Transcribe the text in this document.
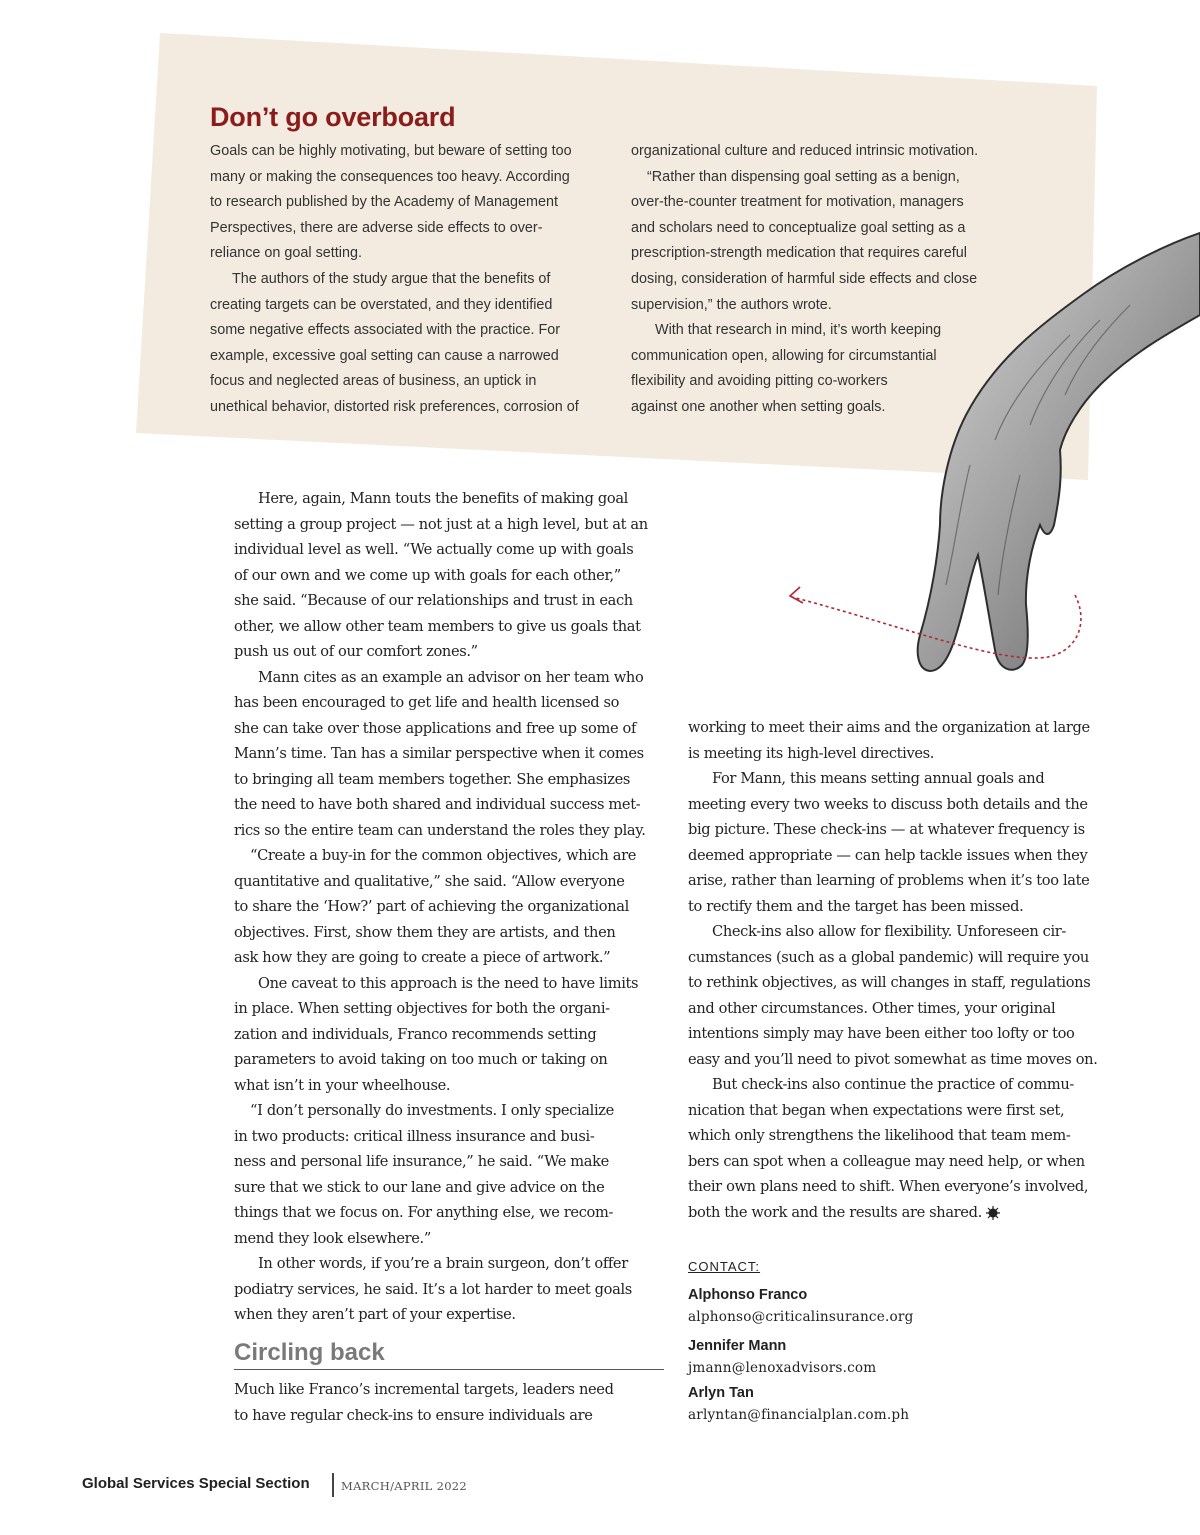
Don’t go overboard

Goals can be highly motivating, but beware of setting too
many or making the consequences too heavy. According
to research published by the Academy of Management
Perspectives, there are adverse side effects to over-
reliance on goal setting.

The authors of the study argue that the benefits of
creating targets can be overstated, and they identified
some negative effects associated with the practice. For
example, excessive goal setting can cause a narrowed
focus and neglected areas of business, an uptick in
unethical behavior, distorted risk preferences, corrosion of

organizational culture and reduced intrinsic motivation.

“Rather than dispensing goal setting as a benign,
over-the-counter treatment for motivation, managers
and scholars need to conceptualize goal setting as a
prescription-strength medication that requires careful
dosing, consideration of harmful side effects and close
supervision,” the authors wrote.

With that research in mind, it’s worth keeping
communication open, allowing for circumstantial
flexibility and avoiding pitting co-workers
against one another when setting goals.

Here, again, Mann touts the benefits of making goal
setting a group project — not just at a high level, but at an
individual level as well. “We actually come up with goals
of our own and we come up with goals for each other,”
she said. “Because of our relationships and trust in each
other, we allow other team members to give us goals that
push us out of our comfort zones.”

Mann cites as an example an advisor on her team who
has been encouraged to get life and health licensed so
she can take over those applications and free up some of
Mann’s time. Tan has a similar perspective when it comes
to bringing all team members together. She emphasizes
the need to have both shared and individual success met-
rics so the entire team can understand the roles they play.

“Create a buy-in for the common objectives, which are
quantitative and qualitative,” she said. “Allow everyone
to share the ‘How?’ part of achieving the organizational
objectives. First, show them they are artists, and then
ask how they are going to create a piece of artwork.”

One caveat to this approach is the need to have limits
in place. When setting objectives for both the organi-
zation and individuals, Franco recommends setting
parameters to avoid taking on too much or taking on
what isn’t in your wheelhouse.

“I don’t personally do investments. I only specialize
in two products: critical illness insurance and busi-
ness and personal life insurance,” he said. “We make
sure that we stick to our lane and give advice on the
things that we focus on. For anything else, we recom-
mend they look elsewhere.”

In other words, if you’re a brain surgeon, don’t offer
podiatry services, he said. It’s a lot harder to meet goals
when they aren’t part of your expertise.

Circling back

Much like Franco’s incremental targets, leaders need
to have regular check-ins to ensure individuals are

working to meet their aims and the organization at large
is meeting its high-level directives.

For Mann, this means setting annual goals and
meeting every two weeks to discuss both details and the
big picture. These check-ins — at whatever frequency is
deemed appropriate — can help tackle issues when they
arise, rather than learning of problems when it’s too late
to rectify them and the target has been missed.

Check-ins also allow for flexibility. Unforeseen cir-
cumstances (such as a global pandemic) will require you
to rethink objectives, as will changes in staff, regulations
and other circumstances. Other times, your original
intentions simply may have been either too lofty or too
easy and you’ll need to pivot somewhat as time moves on.

But check-ins also continue the practice of commu-
nication that began when expectations were first set,
which only strengthens the likelihood that team mem-
bers can spot when a colleague may need help, or when
their own plans need to shift. When everyone’s involved,
both the work and the results are shared.

CONTACT:

Alphonso Franco

alphonso@criticalinsurance.org

Jennifer Mann

jmann@lenoxadvisors.com

Arlyn Tan

arlyntan@financialplan.com.ph

Global Services Special Section	MARCH/APRIL 2022
